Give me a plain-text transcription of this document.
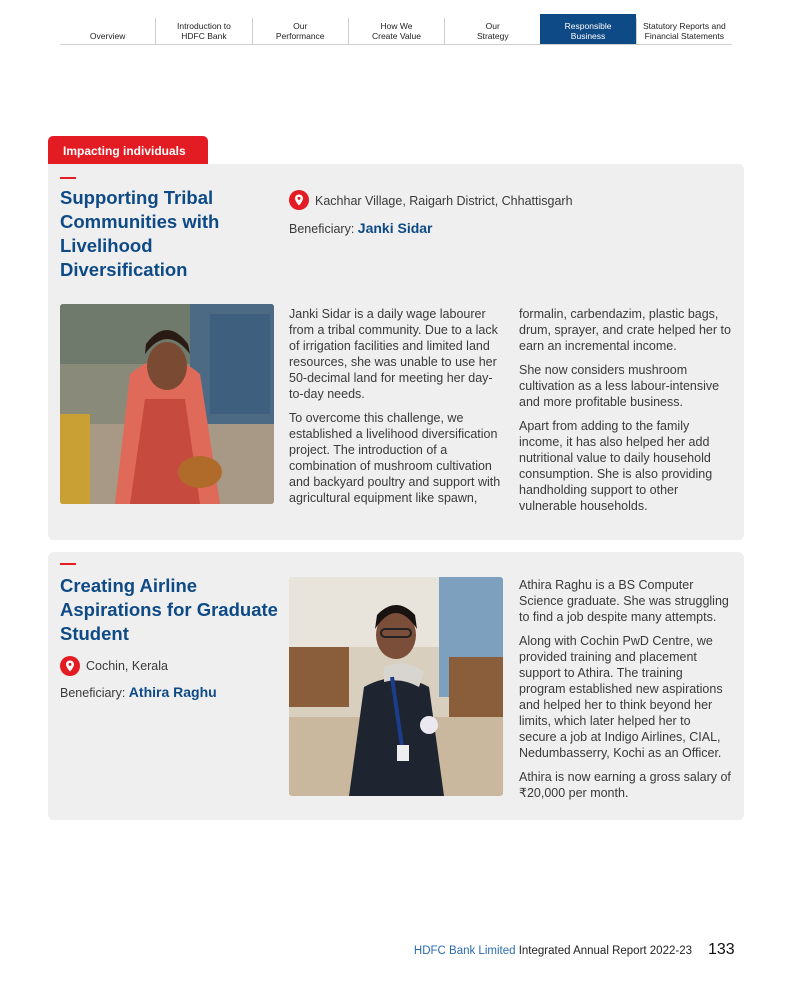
Overview
Introduction to
HDFC Bank
Our
Performance
How We
Create Value
Our
Strategy
Responsible
Business
Statutory Reports and
Financial Statements
Impacting individuals
Supporting Tribal Communities with Livelihood Diversification
Kachhar Village, Raigarh District, Chhattisgarh
Beneficiary: Janki Sidar

Janki Sidar is a daily wage labourer from a tribal community. Due to a lack of irrigation facilities and limited land resources, she was unable to use her 50-decimal land for meeting her day-to-day needs.

To overcome this challenge, we established a livelihood diversification project. The introduction of a combination of mushroom cultivation and backyard poultry and support with agricultural equipment like spawn,

formalin, carbendazim, plastic bags, drum, sprayer, and crate helped her to earn an incremental income.

She now considers mushroom cultivation as a less labour-intensive and more profitable business.

Apart from adding to the family income, it has also helped her add nutritional value to daily household consumption. She is also providing handholding support to other vulnerable households.

Creating Airline Aspirations for Graduate Student
Cochin, Kerala
Beneficiary: Athira Raghu

Athira Raghu is a BS Computer Science graduate. She was struggling to find a job despite many attempts.

Along with Cochin PwD Centre, we provided training and placement support to Athira. The training program established new aspirations and helped her to think beyond her limits, which later helped her to secure a job at Indigo Airlines, CIAL, Nedumbasserry, Kochi as an Officer.

Athira is now earning a gross salary of ₹20,000 per month.

HDFC Bank Limited Integrated Annual Report 2022-23 133
